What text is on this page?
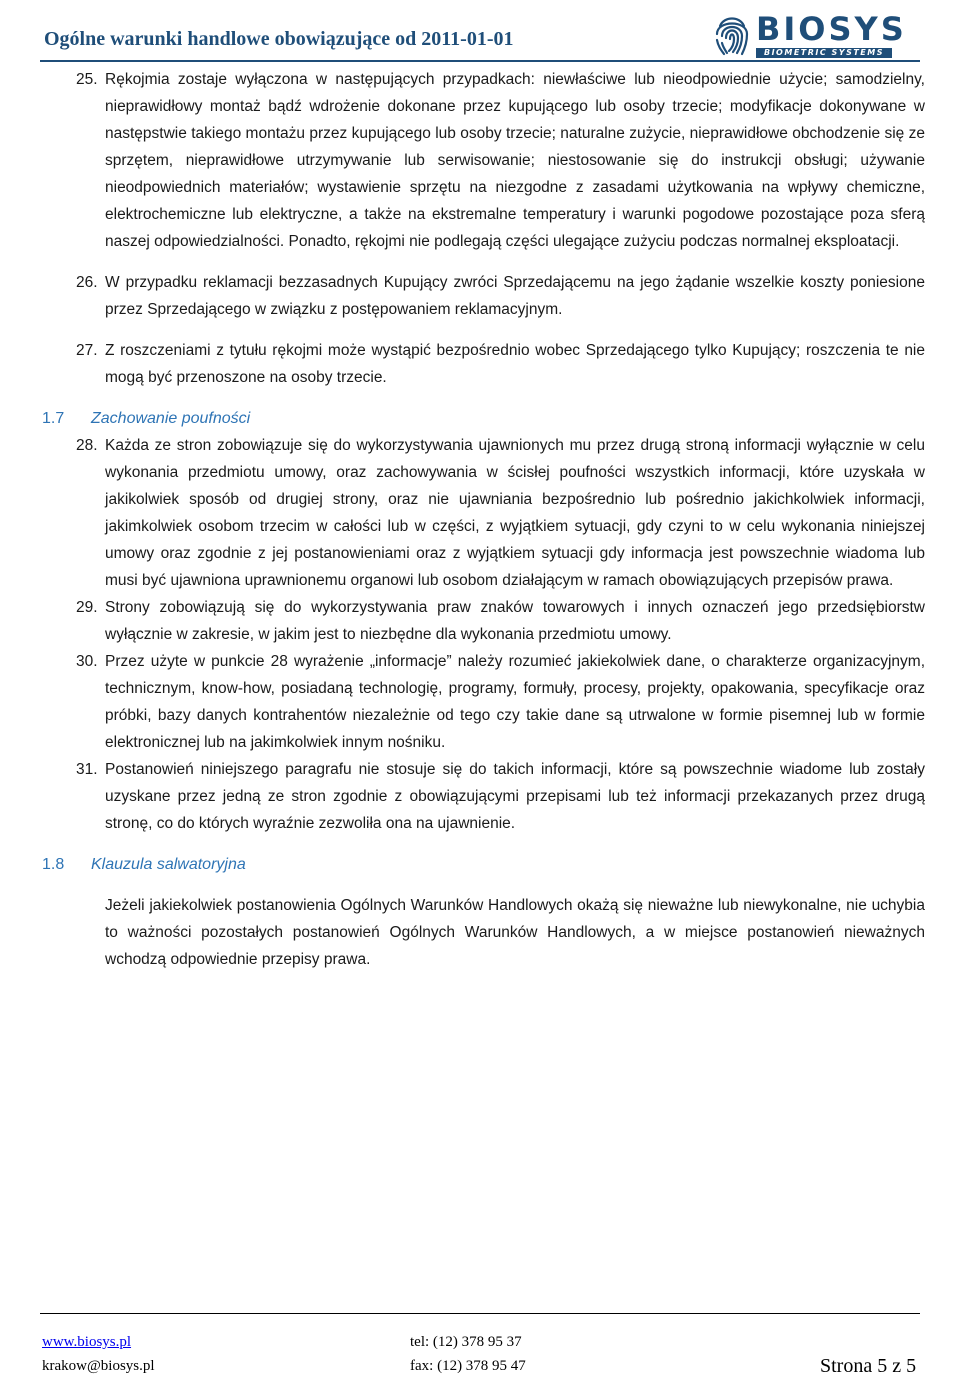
Ogólne warunki handlowe obowiązujące od 2011-01-01	BIOSYS
BIOMETRIC SYSTEMS
25. Rękojmia zostaje wyłączona w następujących przypadkach: niewłaściwe lub nieodpowiednie użycie; samodzielny, nieprawidłowy montaż bądź wdrożenie dokonane przez kupującego lub osoby trzecie; modyfikacje dokonywane w następstwie takiego montażu przez kupującego lub osoby trzecie; naturalne zużycie, nieprawidłowe obchodzenie się ze sprzętem, nieprawidłowe utrzymywanie lub serwisowanie; niestosowanie się do instrukcji obsługi; używanie nieodpowiednich materiałów; wystawienie sprzętu na niezgodne z zasadami użytkowania na wpływy chemiczne, elektrochemiczne lub elektryczne, a także na ekstremalne temperatury i warunki pogodowe pozostające poza sferą naszej odpowiedzialności. Ponadto, rękojmi nie podlegają części ulegające zużyciu podczas normalnej eksploatacji.
26. W przypadku reklamacji bezzasadnych Kupujący zwróci Sprzedającemu na jego żądanie wszelkie koszty poniesione przez Sprzedającego w związku z postępowaniem reklamacyjnym.
27. Z roszczeniami z tytułu rękojmi może wystąpić bezpośrednio wobec Sprzedającego tylko Kupujący; roszczenia te nie mogą być przenoszone na osoby trzecie.
1.7 Zachowanie poufności
28. Każda ze stron zobowiązuje się do wykorzystywania ujawnionych mu przez drugą stroną informacji wyłącznie w celu wykonania przedmiotu umowy, oraz zachowywania w ścisłej poufności wszystkich informacji, które uzyskała w jakikolwiek sposób od drugiej strony, oraz nie ujawniania bezpośrednio lub pośrednio jakichkolwiek informacji, jakimkolwiek osobom trzecim w całości lub w części, z wyjątkiem sytuacji, gdy czyni to w celu wykonania niniejszej umowy oraz zgodnie z jej postanowieniami oraz z wyjątkiem sytuacji gdy informacja jest powszechnie wiadoma lub musi być ujawniona uprawnionemu organowi lub osobom działającym w ramach obowiązujących przepisów prawa.
29. Strony zobowiązują się do wykorzystywania praw znaków towarowych i innych oznaczeń jego przedsiębiorstw wyłącznie w zakresie, w jakim jest to niezbędne dla wykonania przedmiotu umowy.
30. Przez użyte w punkcie 28 wyrażenie „informacje” należy rozumieć jakiekolwiek dane, o charakterze organizacyjnym, technicznym, know-how, posiadaną technologię, programy, formuły, procesy, projekty, opakowania, specyfikacje oraz próbki, bazy danych kontrahentów niezależnie od tego czy takie dane są utrwalone w formie pisemnej lub w formie elektronicznej lub na jakimkolwiek innym nośniku.
31. Postanowień niniejszego paragrafu nie stosuje się do takich informacji, które są powszechnie wiadome lub zostały uzyskane przez jedną ze stron zgodnie z obowiązującymi przepisami lub też informacji przekazanych przez drugą stronę, co do których wyraźnie zezwoliła ona na ujawnienie.
1.8 Klauzula salwatoryjna
Jeżeli jakiekolwiek postanowienia Ogólnych Warunków Handlowych okażą się nieważne lub niewykonalne, nie uchybia to ważności pozostałych postanowień Ogólnych Warunków Handlowych, a w miejsce postanowień nieważnych wchodzą odpowiednie przepisy prawa.
www.biosys.pl
krakow@biosys.pl
tel: (12) 378 95 37
fax: (12) 378 95 47	Strona 5 z 5
